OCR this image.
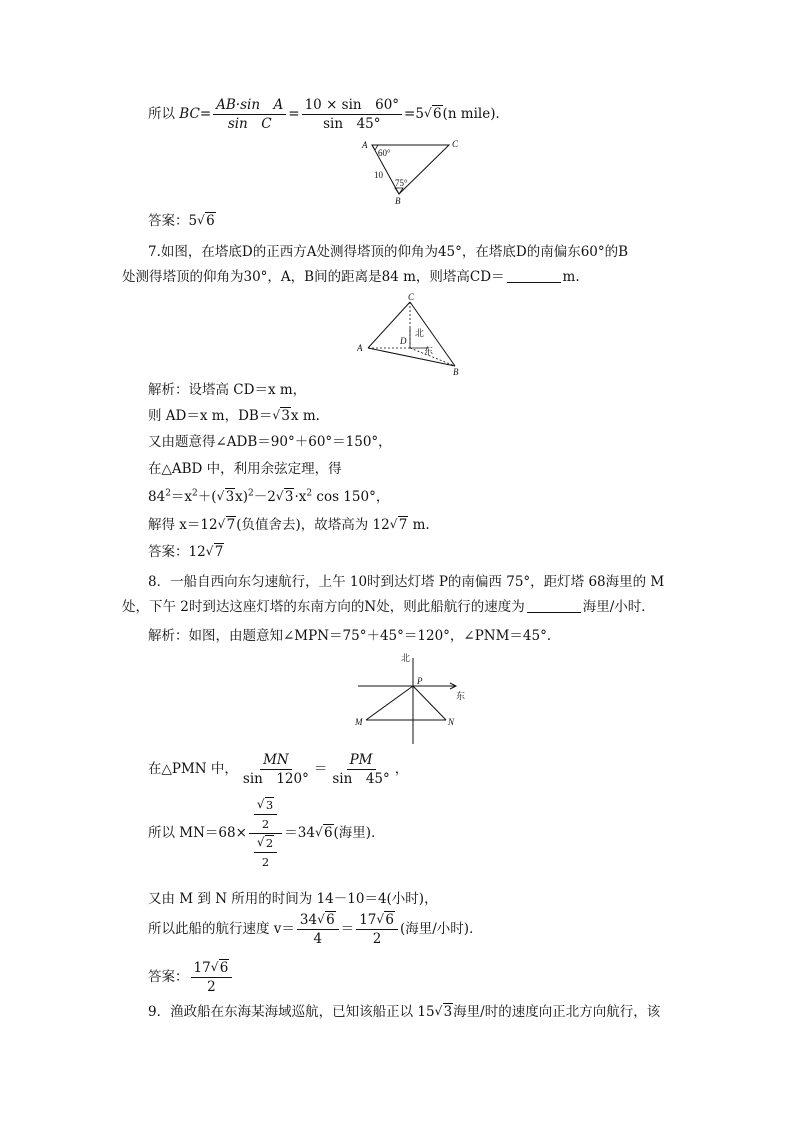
所以 $BC= \frac{\text{AB·sin　A}}{\text{sin　C}} = \frac{10 \times \sin 60^\circ}{\sin 45^\circ} =5$ √ 6(n mile)．
A	C
B
60°
75°
10
答案：5 √ 6
7.如图，在塔底D的正西方A处测得塔顶的仰角为45°，在塔底D的南偏东60°的B
处测得塔顶的仰角为30°，A，B间的距离是84 m，则塔高CD＝	m.
C
A
B
D
北
东
解析：设塔高 CD＝x m，
则 AD＝x m，DB＝ √ 3x m.
又由题意得∠ADB＝90°＋60°＝150°，
在△ABD 中，利用余弦定理，得
$84^2=x^2+$( √ 3x)$^2$－2 √ $3\cdot x^2$ cos 150°，
解得 x＝12 √ 7(负值舍去)，故塔高为 12 √ 7 m.
答案：12 √ 7
8．一船自西向东匀速航行，上午 10时到达灯塔 P的南偏西 75°，距灯塔 68海里的 M
处，下午 2时到达这座灯塔的东南方向的N处，则此船航行的速度为	海里/小时．
解析：如图，由题意知∠MPN＝75°＋45°＝120°，∠PNM＝45°．
北
东
P
M	N
在△PMN 中， $\frac{MN}{\sin 120^\circ} = \frac{PM}{\sin 45^\circ}$ ，
所以 $MN=68\times \frac{\frac{√ 3}{2}}{\frac{√ 2}{2}} =34$ √ 6(海里)．
又由 M 到 N 所用的时间为 14－10＝4(小时)，
所以此船的航行速度 $v= \frac{34 √ 6}{4} = \frac{17 √ 6}{2}$ (海里/小时)．
答案： $\frac{17 √ 6}{2}$
9．渔政船在东海某海域巡航，已知该船正以 15 √ 3海里/时的速度向正北方向航行，该
